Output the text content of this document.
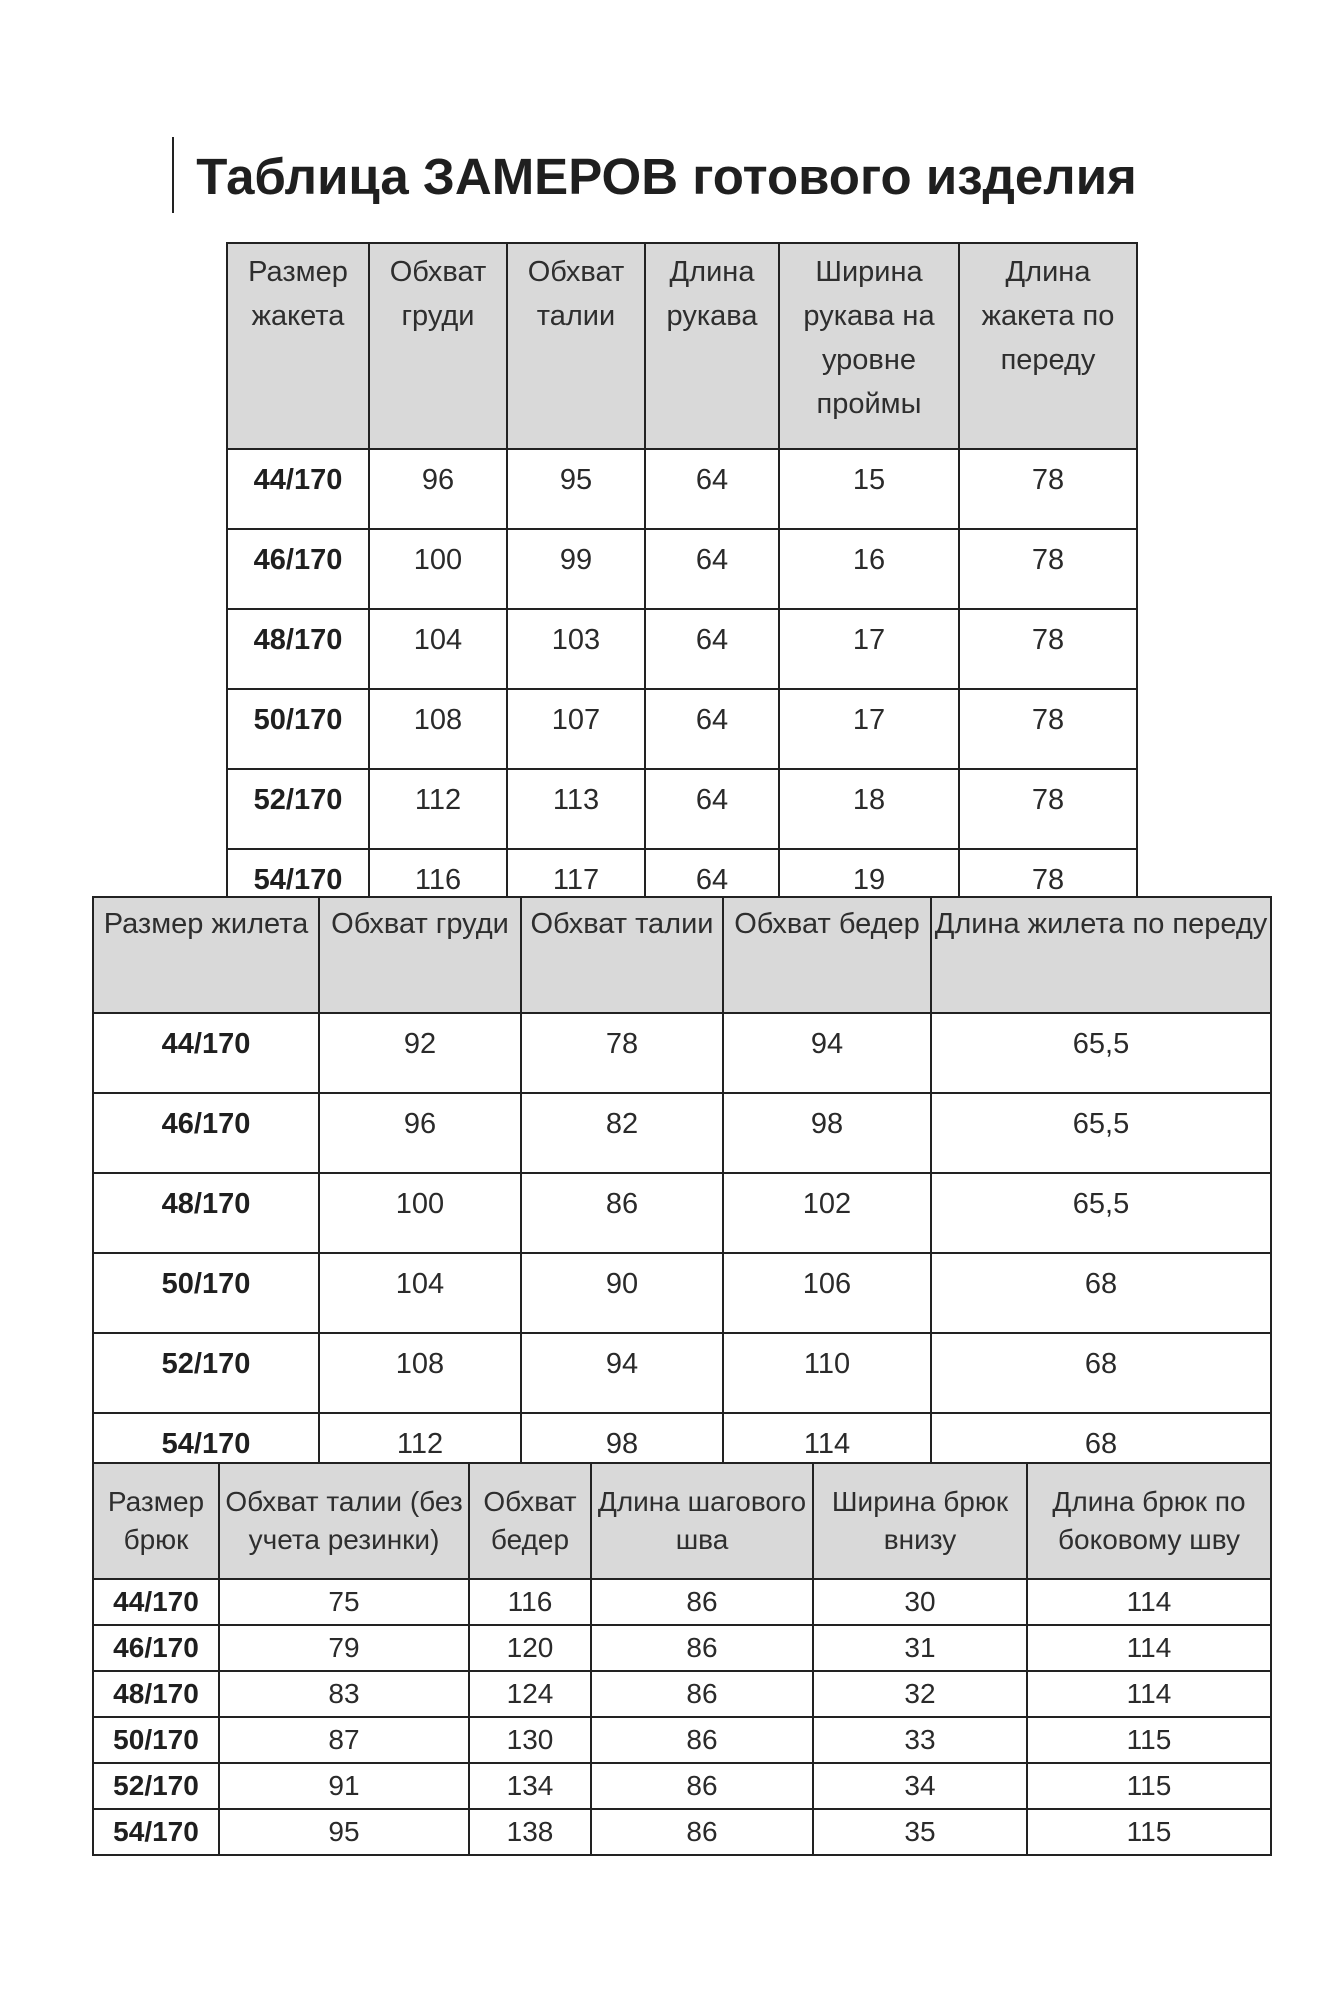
Таблица ЗАМЕРОВ готового изделия
Размер жакета	Обхват груди	Обхват талии	Длина рукава	Ширина рукава на уровне проймы	Длина жакета по переду
44/170	96	95	64	15	78
46/170	100	99	64	16	78
48/170	104	103	64	17	78
50/170	108	107	64	17	78
52/170	112	113	64	18	78
54/170	116	117	64	19	78
Размер жилета	Обхват груди	Обхват талии	Обхват бедер	Длина жилета по переду
44/170	92	78	94	65,5
46/170	96	82	98	65,5
48/170	100	86	102	65,5
50/170	104	90	106	68
52/170	108	94	110	68
54/170	112	98	114	68
Размер брюк	Обхват талии (без учета резинки)	Обхват бедер	Длина шагового шва	Ширина брюк внизу	Длина брюк по боковому шву
44/170	75	116	86	30	114
46/170	79	120	86	31	114
48/170	83	124	86	32	114
50/170	87	130	86	33	115
52/170	91	134	86	34	115
54/170	95	138	86	35	115
